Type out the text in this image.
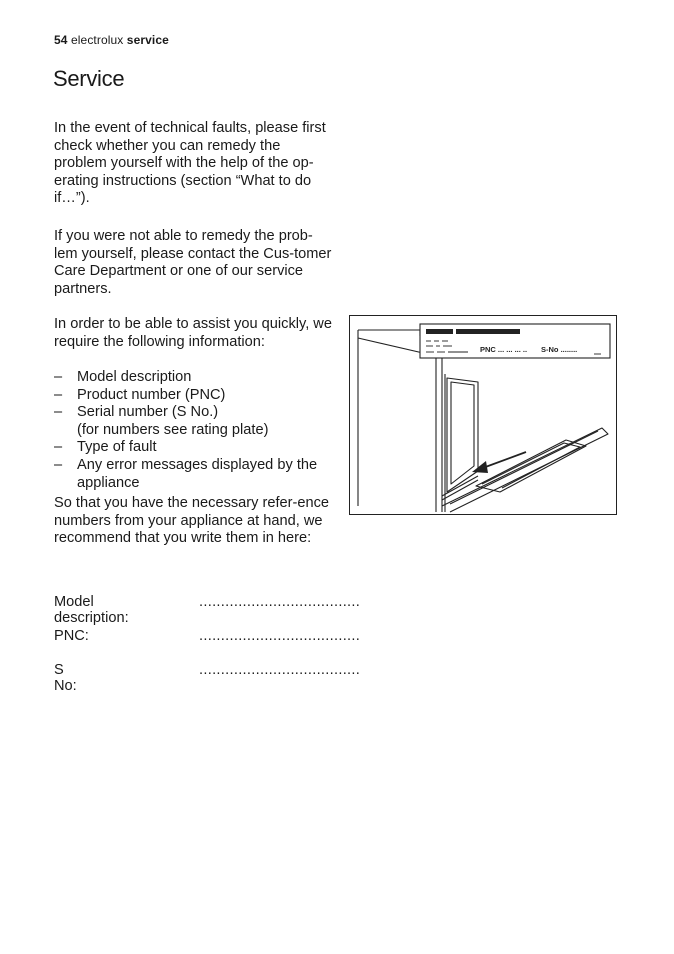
54 electrolux service
Service

In the event of technical faults, please first check whether you can remedy the problem yourself with the help of the op-erating instructions (section “What to do if…”).

If you were not able to remedy the prob-lem yourself, please contact the Cus-tomer Care Department or one of our service partners.

In order to be able to assist you quickly, we require the following information:

– Model description
– Product number (PNC)
– Serial number (S No.)
(for numbers see rating plate)
– Type of fault
– Any error messages displayed by the appliance

So that you have the necessary refer-ence numbers from your appliance at hand, we recommend that you write them in here:

Model description:
.....................................
PNC:	.....................................
S No:
.....................................
PNC ... ... ... .. S-No ........
